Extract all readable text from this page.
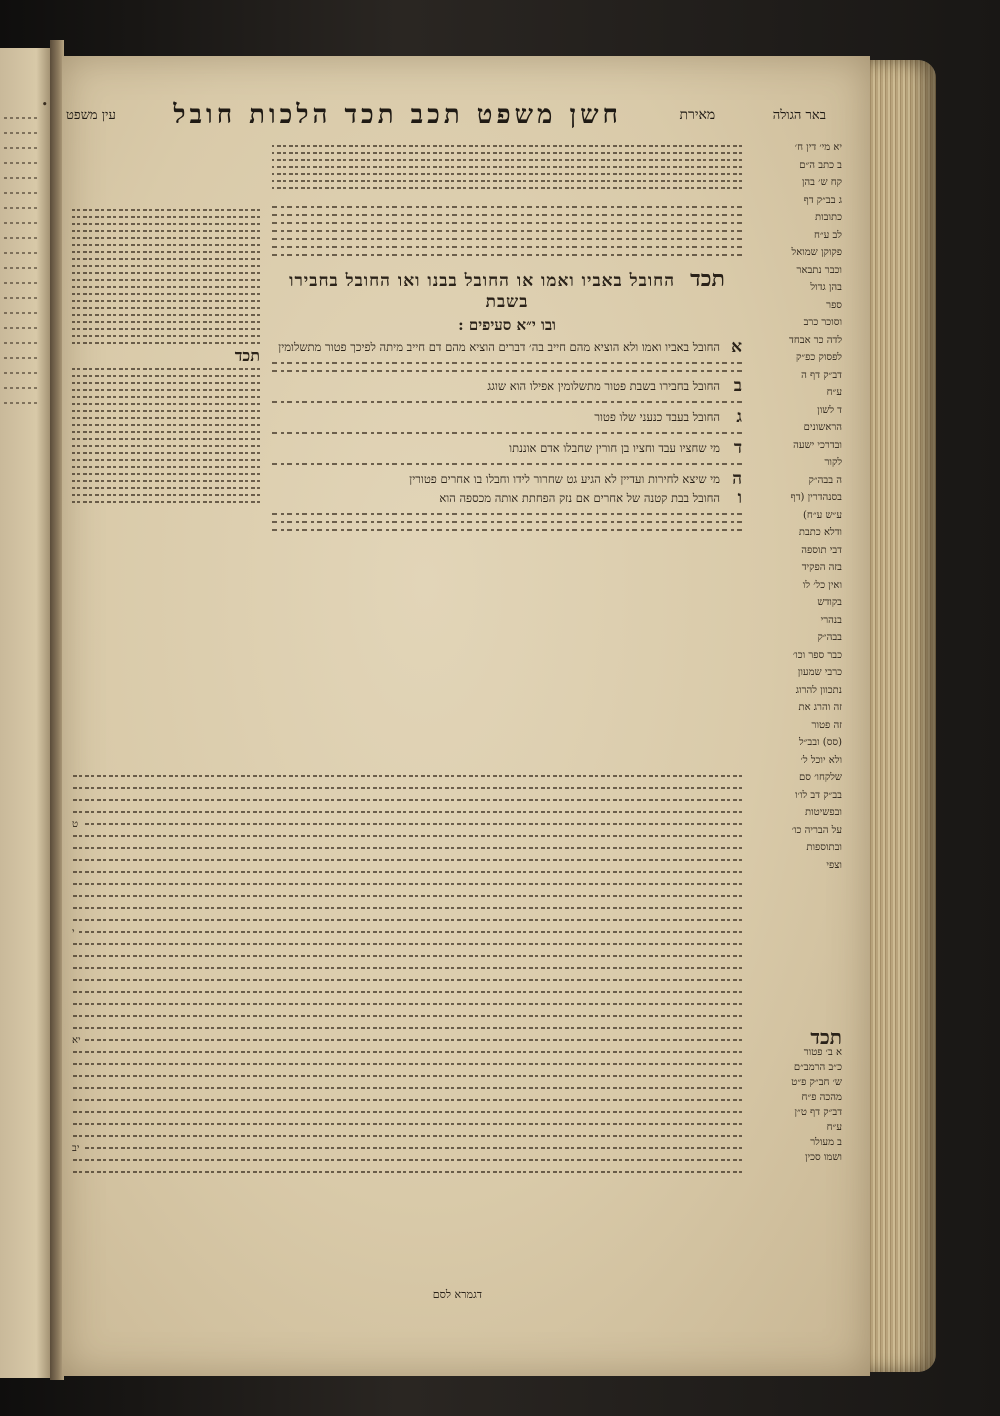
•
באר הגולה
מאירת
חשן משפט תכב תכד הלכות חובל
עין משפט
יא מי׳ דין ח׳
ב כתב ה״ם
קח ש׳ בהן
ג בב״ק דף
כתובות
לב ע״ח
פקוקן שמואל
וכבר נתבאר
בהן גדול
ספר
וסוכר כרב
לדה כר אבחד
לפסוק כפ״ק
דב״ק דף ה
ע״ח
ד לשון
הראשונים
ובדרכי ישעה
לקור
ה בבה״ק
בסנהדרין (דף
ע״ש ע״ח)
ודלא כתבת
דבי תוספה
בזה הפקיד
ואין כל׳ לו
בקודש
בנהרי
בבה״ק
כבר ספר וכו׳
כרבי שמעון
נתכוון להרוג
זה והרג את
זה פטור
(סס) ובב״ל
ולא יוכל ל׳
שלקחו׳ סם
בב״ק דב לו׳ו
ובפשיטות
על הבריה כו׳
ובתוספות
וצפי
תכד החובל באביו ואמו או החובל בבנו ואו החובל בחבירו בשבת
ובו י״א סעיפים :
א
החובל באביו ואמו ולא הוציא מהם חייב בה׳ דברים הוציא מהם דם חייב מיתה לפיכך פטור מתשלומין
ב
החובל בחבירו בשבת פטור מתשלומין אפילו הוא שוגג
ג
החובל בעבד כנעני שלו פטור
ד
מי שחציו עבד וחציו בן חורין שחבלו אדם אוננתו
ה
מי שיצא לחירות ועדיין לא הגיע גט שחרור לידו וחבלו בו אחרים פטורין
ו
החובל בבת קטנה של אחרים אם נזק הפחתת אותה מכספה הוא
תכד
ט
י
יא
יב
תכד
א ב׳ פטור
כ״ב הרמב״ם
ש׳ חב״ק פ״ט
מהכה פ״ח
דב״ק דף ט״ן
ע״ח
ב מעולר
ושמו סכין
דגמרא לסם
